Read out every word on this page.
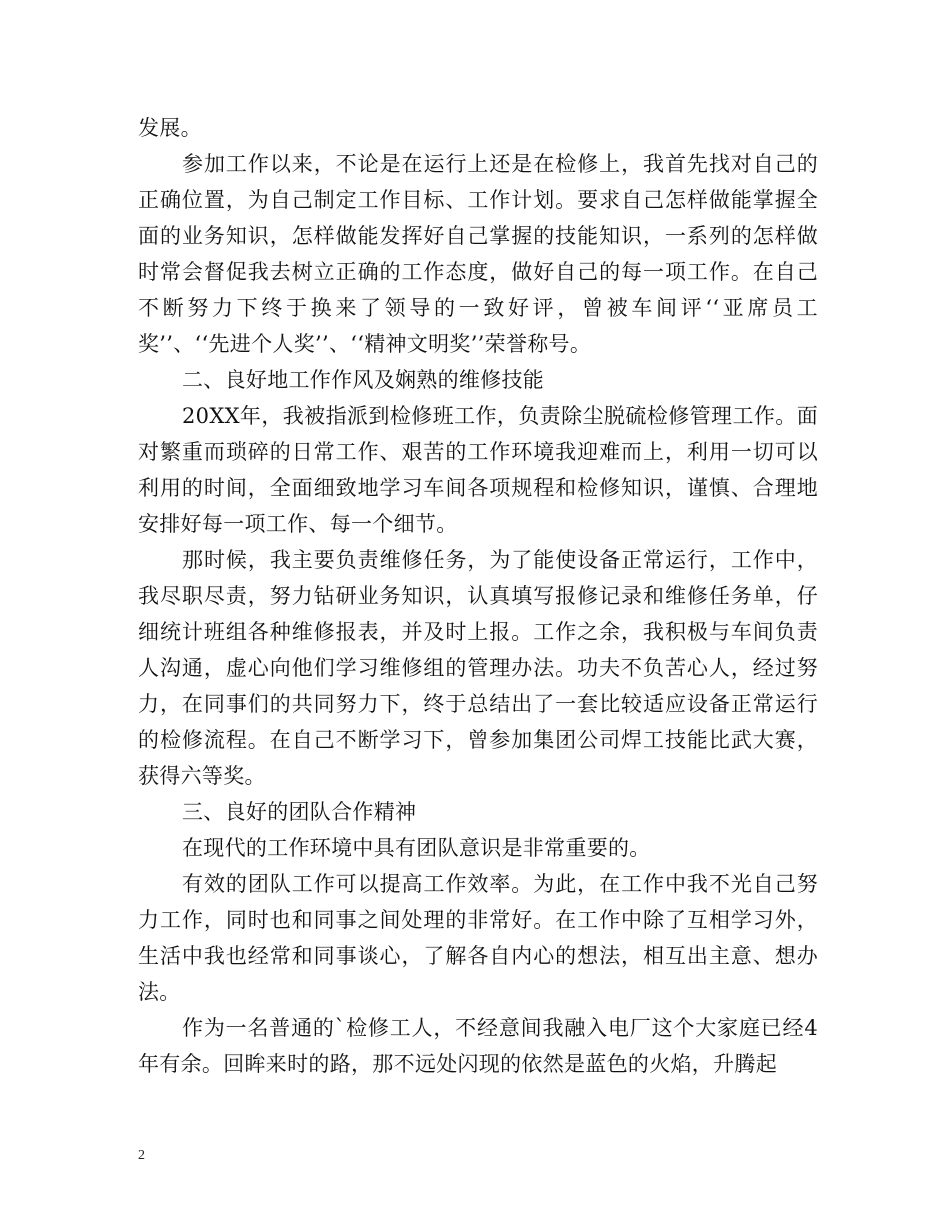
发展。

参加工作以来，不论是在运行上还是在检修上，我首先找对自己的正确位置，为自己制定工作目标、工作计划。要求自己怎样做能掌握全面的业务知识，怎样做能发挥好自己掌握的技能知识，一系列的怎样做时常会督促我去树立正确的工作态度，做好自己的每一项工作。在自己不断努力下终于换来了领导的一致好评，曾被车间评‘‘亚席员工奖’’、‘‘先进个人奖’’、‘‘精神文明奖’’荣誉称号。

二、良好地工作作风及娴熟的维修技能

20XX年，我被指派到检修班工作，负责除尘脱硫检修管理工作。面对繁重而琐碎的日常工作、艰苦的工作环境我迎难而上，利用一切可以利用的时间，全面细致地学习车间各项规程和检修知识，谨慎、合理地安排好每一项工作、每一个细节。

那时候，我主要负责维修任务，为了能使设备正常运行，工作中，我尽职尽责，努力钻研业务知识，认真填写报修记录和维修任务单，仔细统计班组各种维修报表，并及时上报。工作之余，我积极与车间负责人沟通，虚心向他们学习维修组的管理办法。功夫不负苦心人，经过努力，在同事们的共同努力下，终于总结出了一套比较适应设备正常运行的检修流程。在自己不断学习下，曾参加集团公司焊工技能比武大赛，获得六等奖。

三、良好的团队合作精神

在现代的工作环境中具有团队意识是非常重要的。

有效的团队工作可以提高工作效率。为此，在工作中我不光自己努力工作，同时也和同事之间处理的非常好。在工作中除了互相学习外，生活中我也经常和同事谈心，了解各自内心的想法，相互出主意、想办法。

作为一名普通的`检修工人，不经意间我融入电厂这个大家庭已经4年有余。回眸来时的路，那不远处闪现的依然是蓝色的火焰，升腾起

2
